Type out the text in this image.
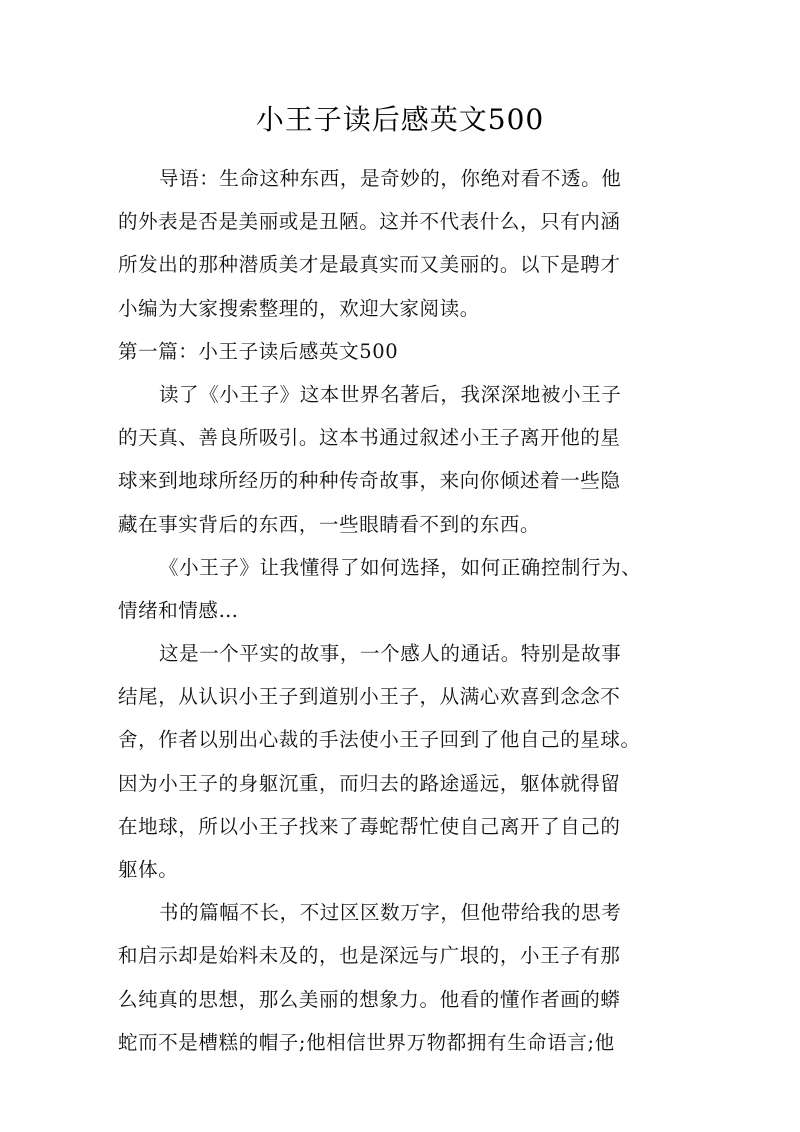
小王子读后感英文500
导语：生命这种东西，是奇妙的，你绝对看不透。他
的外表是否是美丽或是丑陋。这并不代表什么，只有内涵
所发出的那种潜质美才是最真实而又美丽的。以下是聘才
小编为大家搜索整理的，欢迎大家阅读。
第一篇：小王子读后感英文500
读了《小王子》这本世界名著后，我深深地被小王子
的天真、善良所吸引。这本书通过叙述小王子离开他的星
球来到地球所经历的种种传奇故事，来向你倾述着一些隐
藏在事实背后的东西，一些眼睛看不到的东西。
《小王子》让我懂得了如何选择，如何正确控制行为、
情绪和情感…
这是一个平实的故事，一个感人的通话。特别是故事
结尾，从认识小王子到道别小王子，从满心欢喜到念念不
舍，作者以别出心裁的手法使小王子回到了他自己的星球。
因为小王子的身躯沉重，而归去的路途遥远，躯体就得留
在地球，所以小王子找来了毒蛇帮忙使自己离开了自己的
躯体。
书的篇幅不长，不过区区数万字，但他带给我的思考
和启示却是始料未及的，也是深远与广垠的，小王子有那
么纯真的思想，那么美丽的想象力。他看的懂作者画的蟒
蛇而不是槽糕的帽子;他相信世界万物都拥有生命语言;他
